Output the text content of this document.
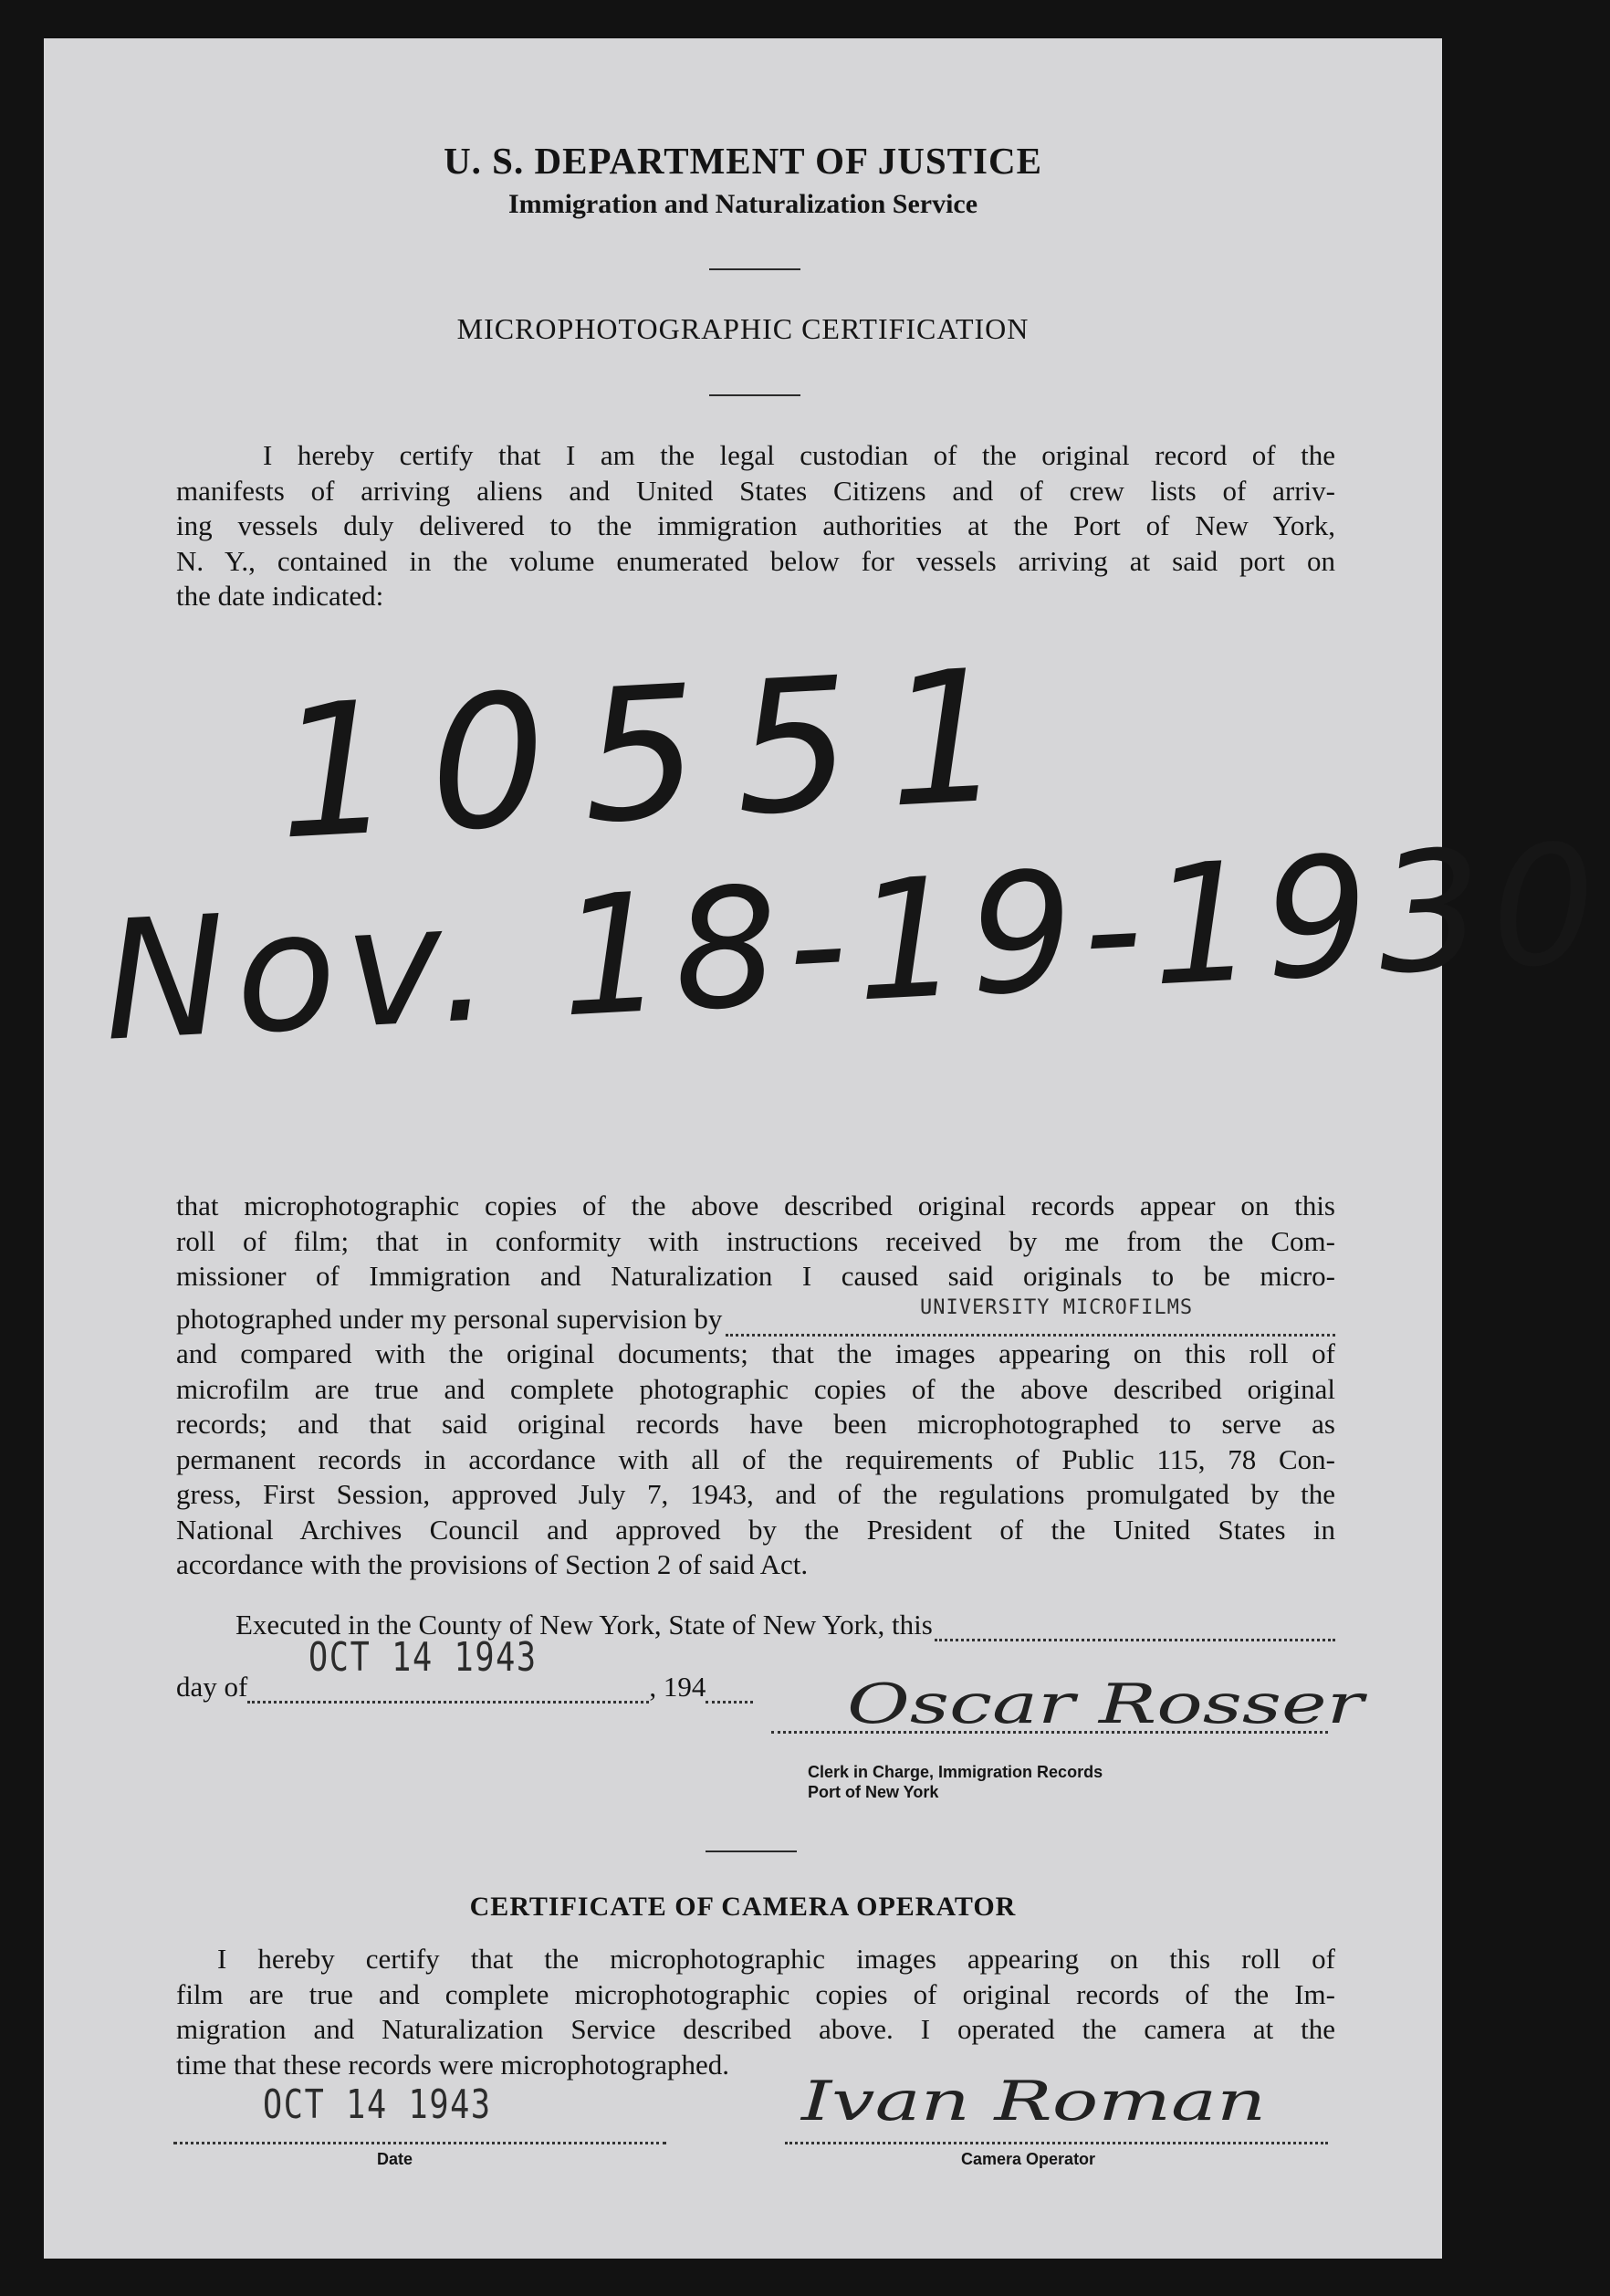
U. S. DEPARTMENT OF JUSTICE
Immigration and Naturalization Service
MICROPHOTOGRAPHIC CERTIFICATION
I hereby certify that I am the legal custodian of the original record of the
manifests of arriving aliens and United States Citizens and of crew lists of arriv-
ing vessels duly delivered to the immigration authorities at the Port of New York,
N. Y., contained in the volume enumerated below for vessels arriving at said port on
the date indicated:
10551
Nov. 18-19-1930
that microphotographic copies of the above described original records appear on this
roll of film; that in conformity with instructions received by me from the Com-
missioner of Immigration and Naturalization I caused said originals to be micro-
photographed under my personal supervision by
and compared with the original documents; that the images appearing on this roll of
microfilm are true and complete photographic copies of the above described original
records; and that said original records have been microphotographed to serve as
permanent records in accordance with all of the requirements of Public 115, 78 Con-
gress, First Session, approved July 7, 1943, and of the regulations promulgated by the
National Archives Council and approved by the President of the United States in
accordance with the provisions of Section 2 of said Act.
UNIVERSITY MICROFILMS
Executed in the County of New York, State of New York, this
day of	, 194
OCT 14 1943
Oscar Rosser
Clerk in Charge, Immigration Records
Port of New York
CERTIFICATE OF CAMERA OPERATOR
I hereby certify that the microphotographic images appearing on this roll of
film are true and complete microphotographic copies of original records of the Im-
migration and Naturalization Service described above. I operated the camera at the
time that these records were microphotographed.
OCT 14 1943
Date
Ivan Roman
Camera Operator
